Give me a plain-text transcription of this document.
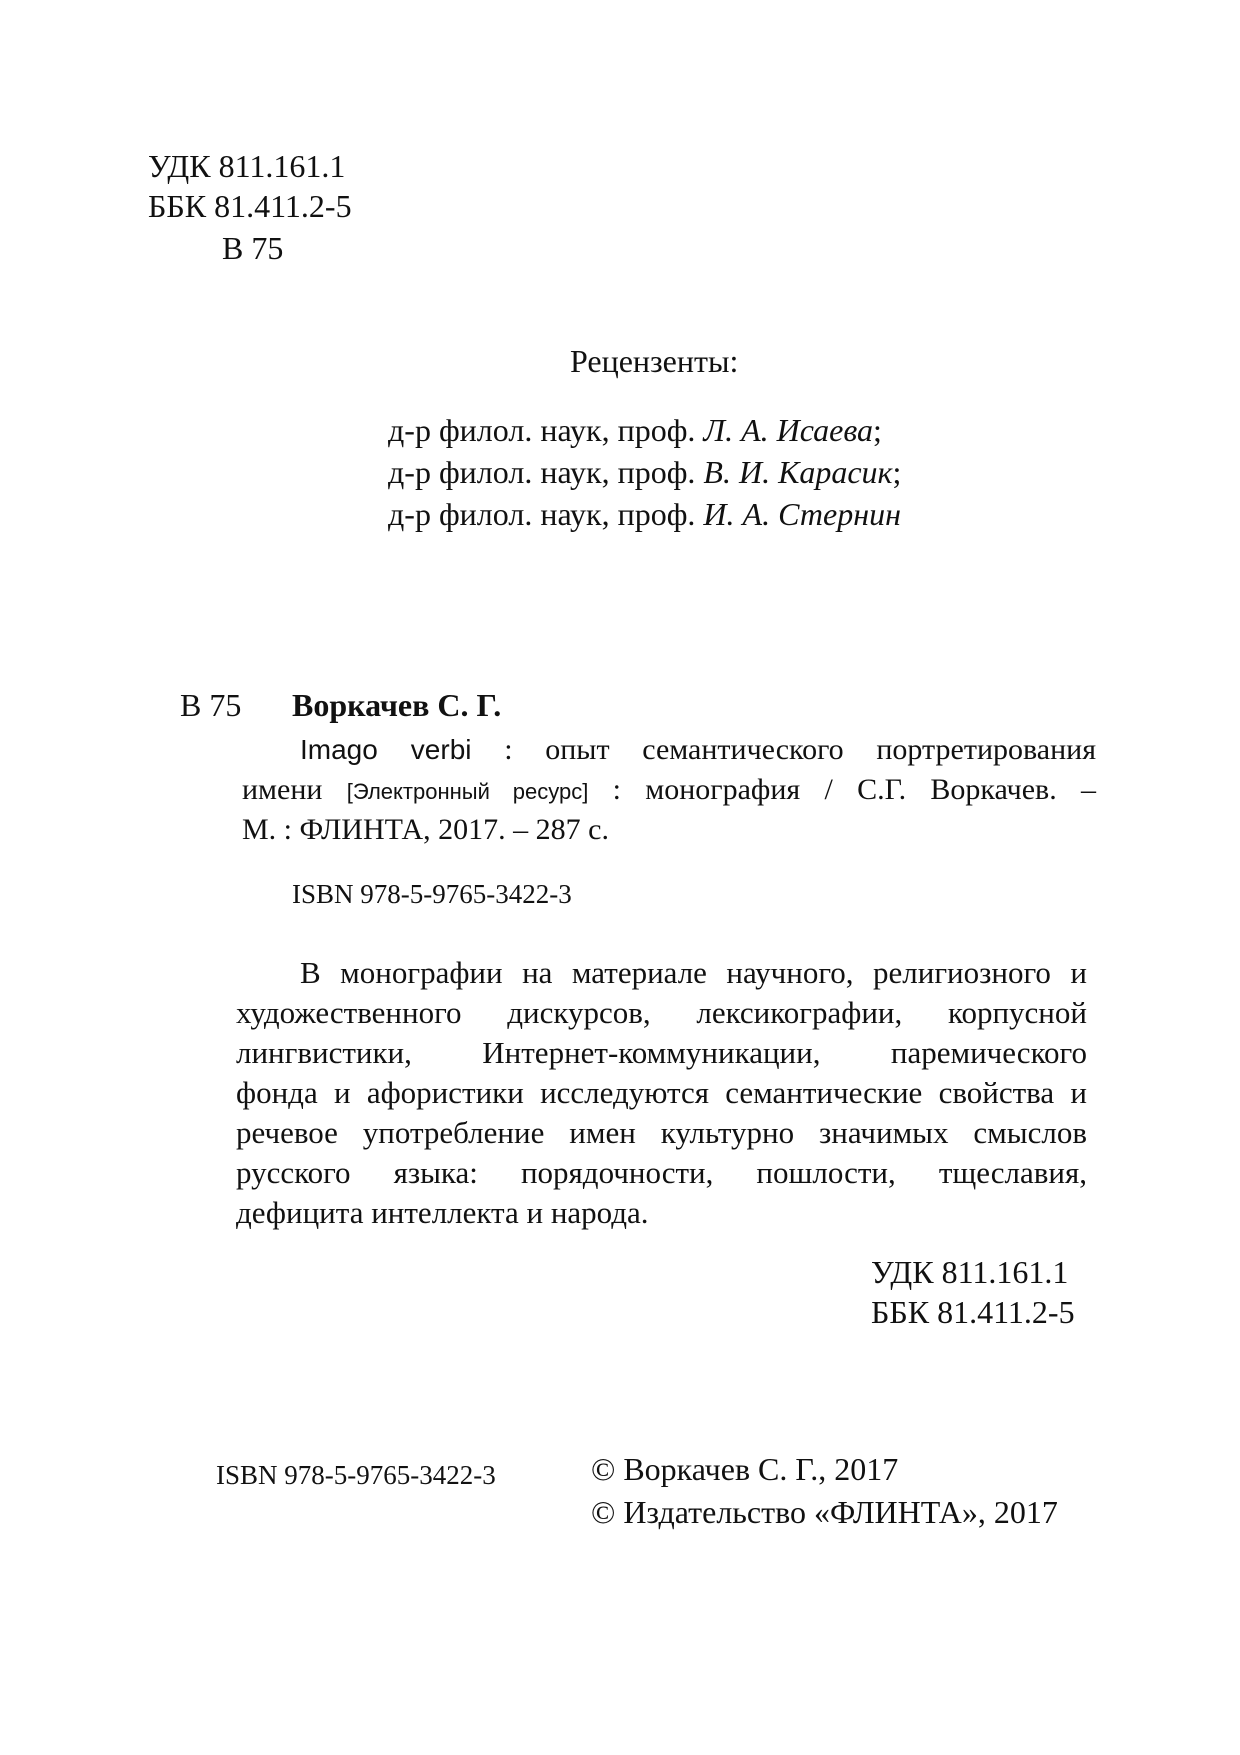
УДК 811.161.1
ББК 81.411.2-5
В 75
Рецензенты:
д-р филол. наук, проф. Л. А. Исаева;
д-р филол. наук, проф. В. И. Карасик;
д-р филол. наук, проф. И. А. Стернин
В 75 Воркачев С. Г.
Imago verbi : опыт семантического портретирования
имени [Электронный ресурс] : монография / С.Г. Воркачев. –
М. : ФЛИНТА, 2017. – 287 с.
ISBN 978-5-9765-3422-3
В монографии на материале научного, религиозного и
художественного дискурсов, лексикографии, корпусной
лингвистики, Интернет-коммуникации, паремического
фонда и афористики исследуются семантические свойства и
речевое употребление имен культурно значимых смыслов
русского языка: порядочности, пошлости, тщеславия,
дефицита интеллекта и народа.
УДК 811.161.1
ББК 81.411.2-5
ISBN 978-5-9765-3422-3	© Воркачев С. Г., 2017
© Издательство «ФЛИНТА», 2017
